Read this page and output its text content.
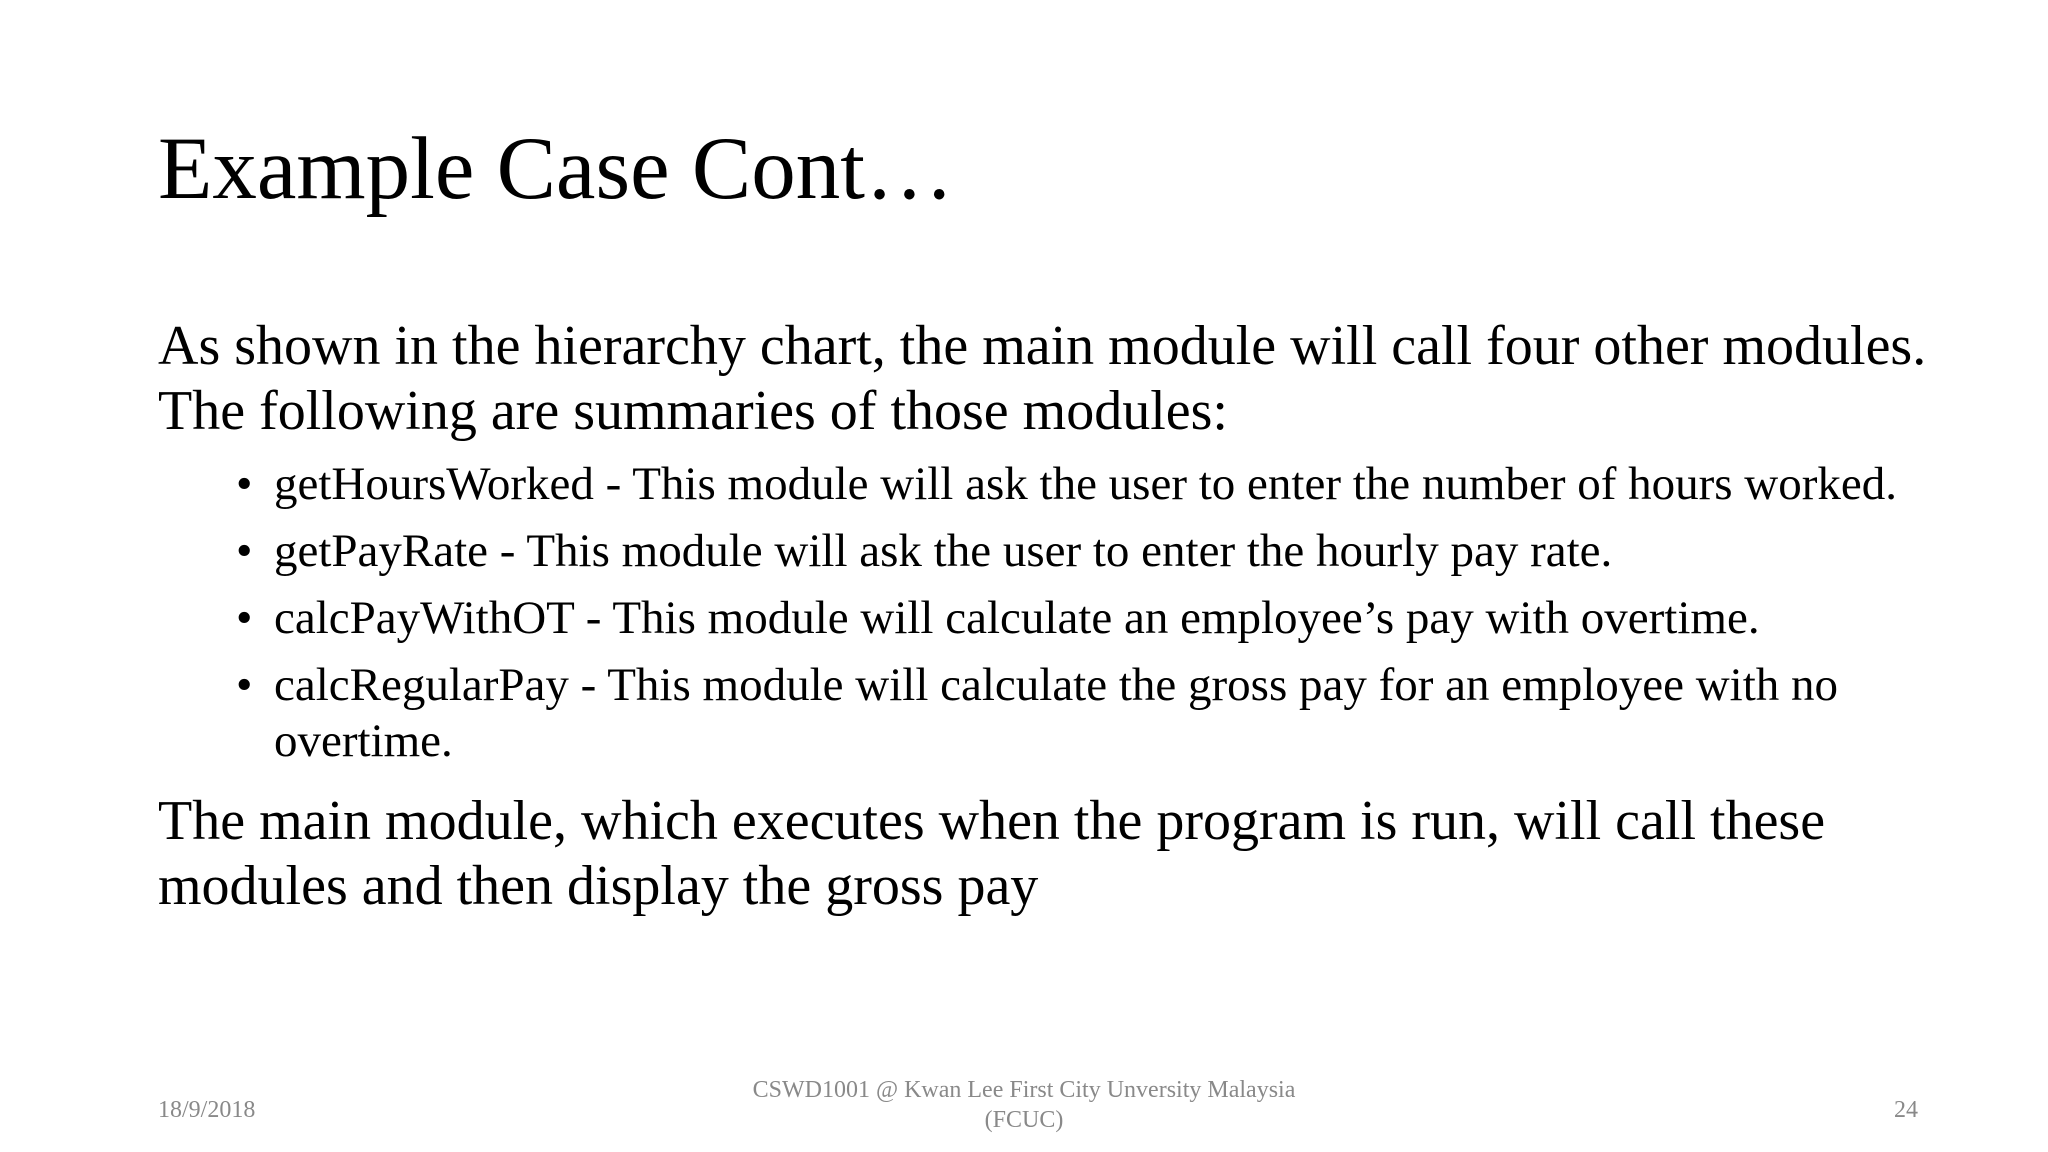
Example Case Cont…

As shown in the hierarchy chart, the main module will call four other modules. The following are summaries of those modules:

• getHoursWorked - This module will ask the user to enter the number of hours worked.
• getPayRate - This module will ask the user to enter the hourly pay rate.
• calcPayWithOT - This module will calculate an employee’s pay with overtime.
• calcRegularPay - This module will calculate the gross pay for an employee with no overtime.

The main module, which executes when the program is run, will call these modules and then display the gross pay

18/9/2018
CSWD1001 @ Kwan Lee First City Unversity Malaysia
(FCUC)	24
